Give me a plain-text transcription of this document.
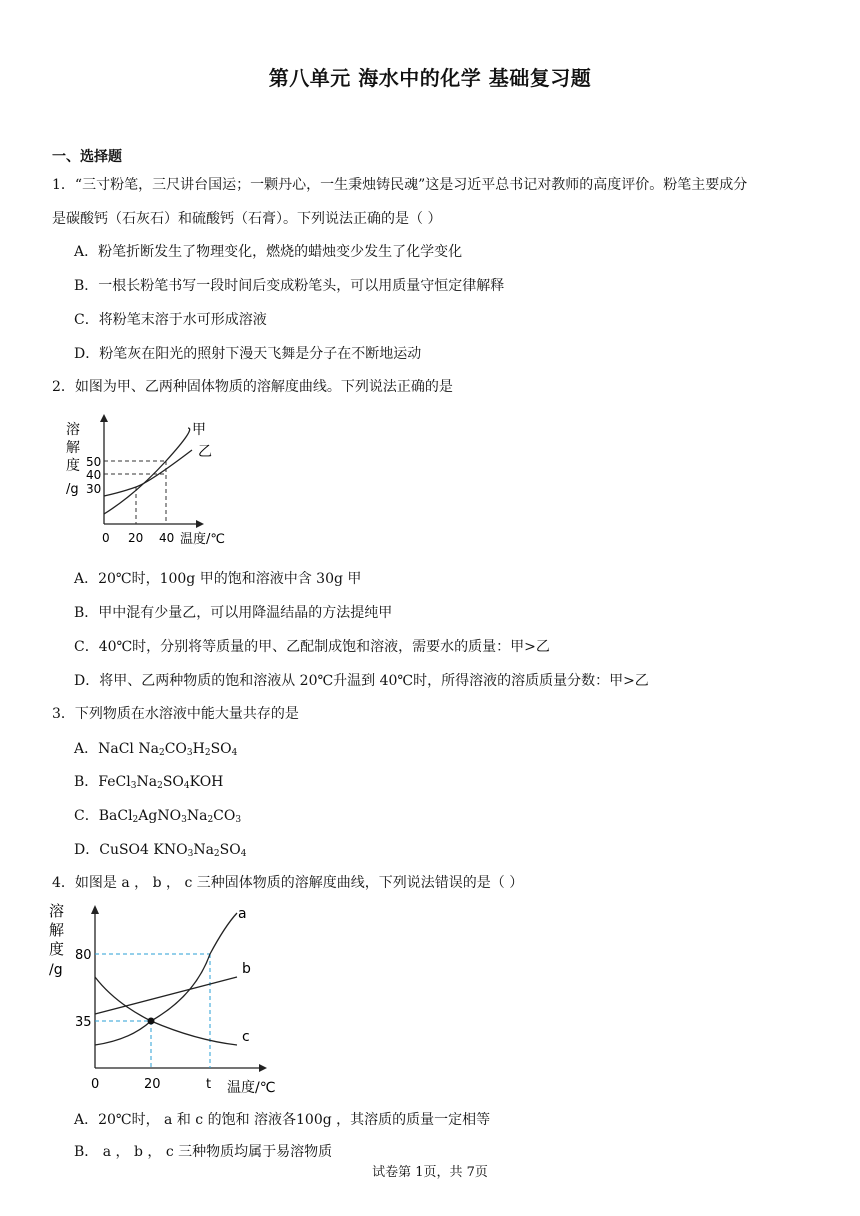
第八单元 海水中的化学 基础复习题
一、选择题
1．“三寸粉笔，三尺讲台国运；一颗丹心，一生秉烛铸民魂”这是习近平总书记对教师的高度评价。粉笔主要成分
是碳酸钙（石灰石）和硫酸钙（石膏）。下列说法正确的是（ ）
A．粉笔折断发生了物理变化，燃烧的蜡烛变少发生了化学变化
B．一根长粉笔书写一段时间后变成粉笔头，可以用质量守恒定律解释
C．将粉笔末溶于水可形成溶液
D．粉笔灰在阳光的照射下漫天飞舞是分子在不断地运动
2．如图为甲、乙两种固体物质的溶解度曲线。下列说法正确的是
溶
解
度
/g
50
40
30
甲
乙
0 20 40 温度/℃
A．20℃时，100g 甲的饱和溶液中含 30g 甲
B．甲中混有少量乙，可以用降温结晶的方法提纯甲
C．40℃时，分别将等质量的甲、乙配制成饱和溶液，需要水的质量：甲>乙
D．将甲、乙两种物质的饱和溶液从 20℃升温到 40℃时，所得溶液的溶质质量分数：甲>乙
3．下列物质在水溶液中能大量共存的是
A．NaCl $Na_2CO_3H_2SO_4$
B．$FeCl_3Na_2SO_4KOH$
C．$BaCl_2AgNO_3Na_2CO_3$
D．CuSO4 $KNO_3Na_2SO_4$
4．如图是 a ， b ， c 三种固体物质的溶解度曲线，下列说法错误的是（ ）
溶
解
度
/g
80
35
a
b
c
0	20	t 温度/℃
A．20℃时， a 和 c 的饱和 溶液各100g ，其溶质的质量一定相等
B． a ， b ， c 三种物质均属于易溶物质
试卷第 1页，共 7页
